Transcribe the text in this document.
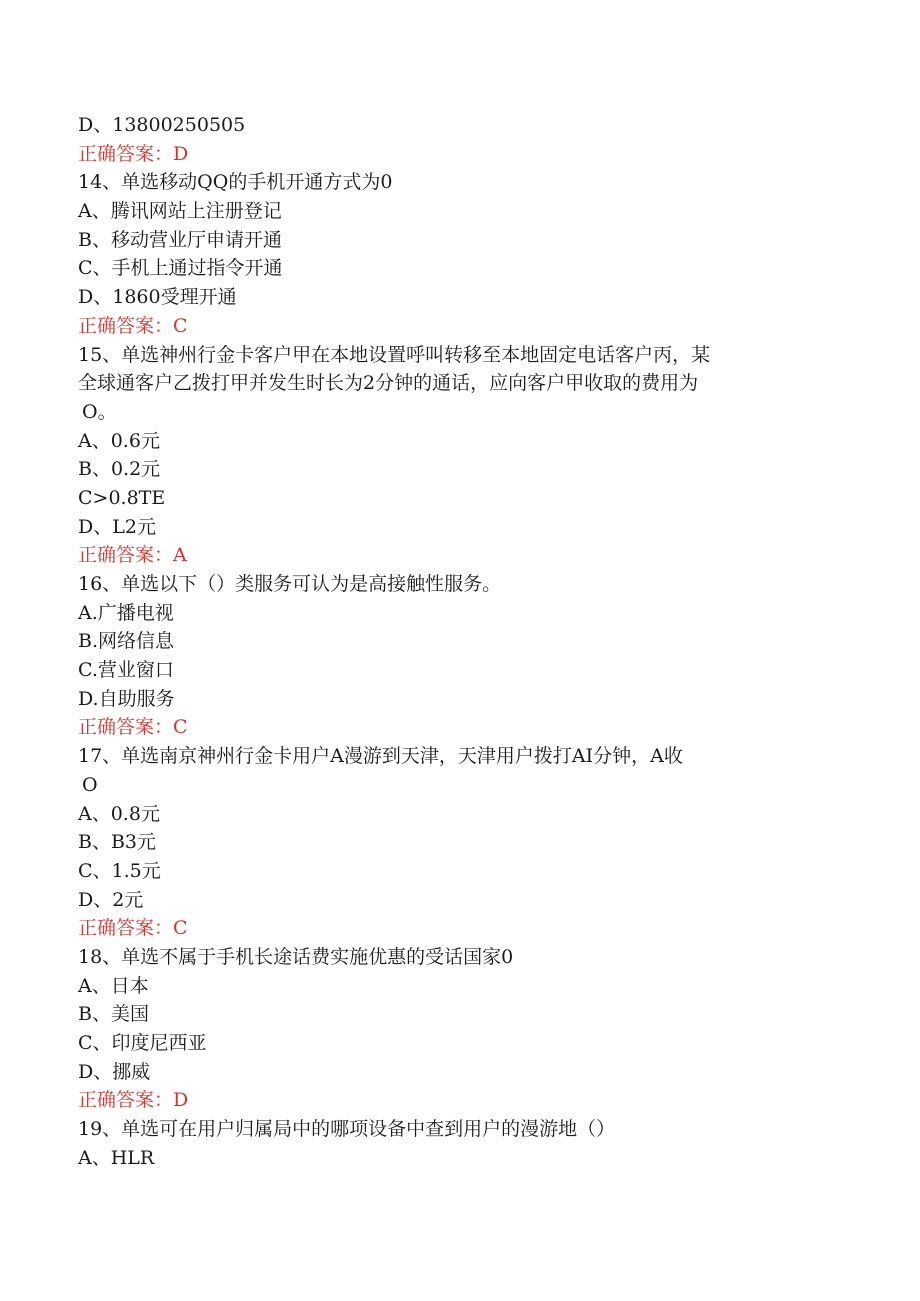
D、13800250505
正确答案：D
14、单选移动QQ的手机开通方式为0
A、腾讯网站上注册登记
B、移动营业厅申请开通
C、手机上通过指令开通
D、1860受理开通
正确答案：C
15、单选神州行金卡客户甲在本地设置呼叫转移至本地固定电话客户丙，某
全球通客户乙拨打甲并发生时长为2分钟的通话，应向客户甲收取的费用为
O。
A、0.6元
B、0.2元
C>0.8TE
D、L2元
正确答案：A
16、单选以下（）类服务可认为是高接触性服务。
A.广播电视
B.网络信息
C.营业窗口
D.自助服务
正确答案：C
17、单选南京神州行金卡用户A漫游到天津，天津用户拨打AI分钟，A收
O
A、0.8元
B、B3元
C、1.5元
D、2元
正确答案：C
18、单选不属于手机长途话费实施优惠的受话国家0
A、日本
B、美国
C、印度尼西亚
D、挪威
正确答案：D
19、单选可在用户归属局中的哪项设备中查到用户的漫游地（）
A、HLR
